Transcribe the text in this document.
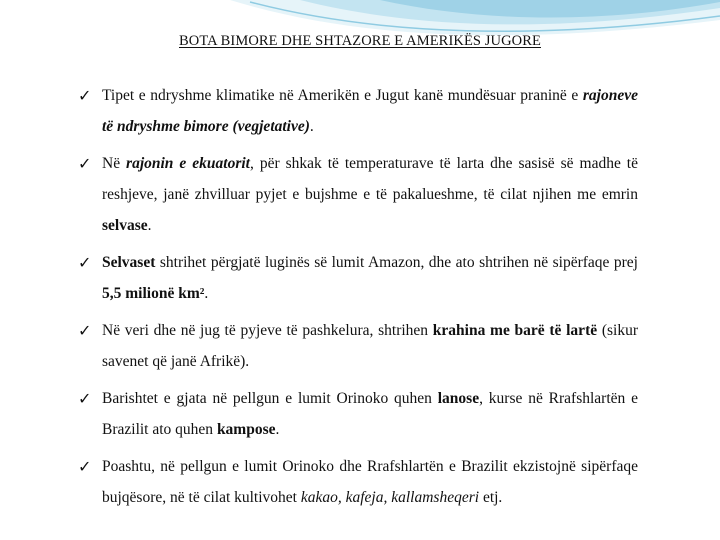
BOTA BIMORE DHE SHTAZORE E AMERIKËS JUGORE
✓ Tipet e ndryshme klimatike në Amerikën e Jugut kanë mundësuar praninë e rajoneve të ndryshme bimore (vegjetative).
✓ Në rajonin e ekuatorit, për shkak të temperaturave të larta dhe sasisë së madhe të reshjeve, janë zhvilluar pyjet e bujshme e të pakalueshme, të cilat njihen me emrin selvase.
✓ Selvaset shtrihet përgjatë luginës së lumit Amazon, dhe ato shtrihen në sipërfaqe prej 5,5 milionë km².
✓ Në veri dhe në jug të pyjeve të pashkelura, shtrihen krahina me barë të lartë (sikur savenet që janë Afrikë).
✓ Barishtet e gjata në pellgun e lumit Orinoko quhen lanose, kurse në Rrafshlartën e Brazilit ato quhen kampose.
✓ Poashtu, në pellgun e lumit Orinoko dhe Rrafshlartën e Brazilit ekzistojnë sipërfaqe bujqësore, në të cilat kultivohet kakao, kafeja, kallamsheqeri etj.
